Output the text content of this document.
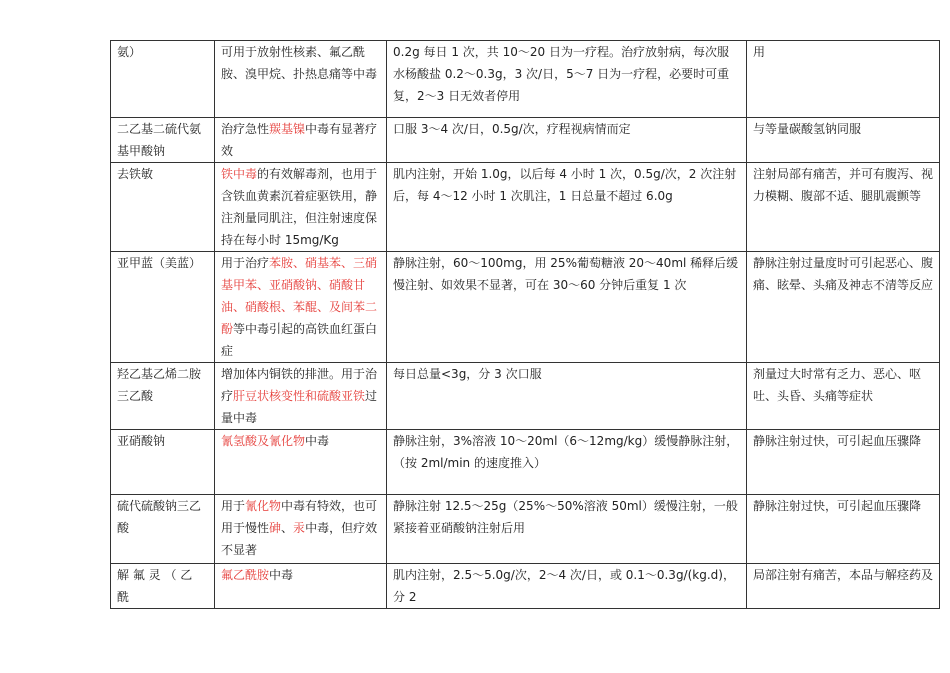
氨）	可用于放射性核素、氟乙酰胺、溴甲烷、扑热息痛等中毒	0.2g 每日 1 次，共 10～20 日为一疗程。治疗放射病，每次服水杨酸盐 0.2～0.3g，3 次/日，5～7 日为一疗程，必要时可重复，2～3 日无效者停用	用

二乙基二硫代氨基甲酸钠	治疗急性羰基镍中毒有显著疗效	口服 3～4 次/日，0.5g/次，疗程视病情而定	与等量碳酸氢钠同服

去铁敏	铁中毒的有效解毒剂，也用于含铁血黄素沉着症驱铁用，静注剂量同肌注，但注射速度保持在每小时 15mg/Kg	肌内注射，开始 1.0g，以后每 4 小时 1 次，0.5g/次，2 次注射后，每 4～12 小时 1 次肌注，1 日总量不超过 6.0g	注射局部有痛苦，并可有腹泻、视力模糊、腹部不适、腿肌震颤等

亚甲蓝（美蓝）	用于治疗苯胺、硝基苯、三硝基甲苯、亚硝酸钠、硝酸甘油、硝酸根、苯醌、及间苯二酚等中毒引起的高铁血红蛋白症	静脉注射，60～100mg，用 25%葡萄糖液 20～40ml 稀释后缓慢注射、如效果不显著，可在 30～60 分钟后重复 1 次	静脉注射过量度时可引起恶心、腹痛、眩晕、头痛及神志不清等反应

羟乙基乙烯二胺三乙酸	增加体内铜铁的排泄。用于治疗肝豆状核变性和硫酸亚铁过量中毒	每日总量<3g，分 3 次口服	剂量过大时常有乏力、恶心、呕吐、头昏、头痛等症状

亚硝酸钠	氰氢酸及氰化物中毒	静脉注射，3%溶液 10～20ml（6～12mg/kg）缓慢静脉注射，（按 2ml/min 的速度推入）	静脉注射过快，可引起血压骤降

硫代硫酸钠三乙酸	用于氰化物中毒有特效，也可用于慢性砷、汞中毒，但疗效不显著	静脉注射 12.5～25g（25%～50%溶液 50ml）缓慢注射，一般紧接着亚硝酸钠注射后用	静脉注射过快，可引起血压骤降

解 氟 灵 （ 乙 酰	氟乙酰胺中毒	肌内注射，2.5～5.0g/次，2～4 次/日，或 0.1～0.3g/(kg.d)，分 2	局部注射有痛苦，本品与解痉药及
